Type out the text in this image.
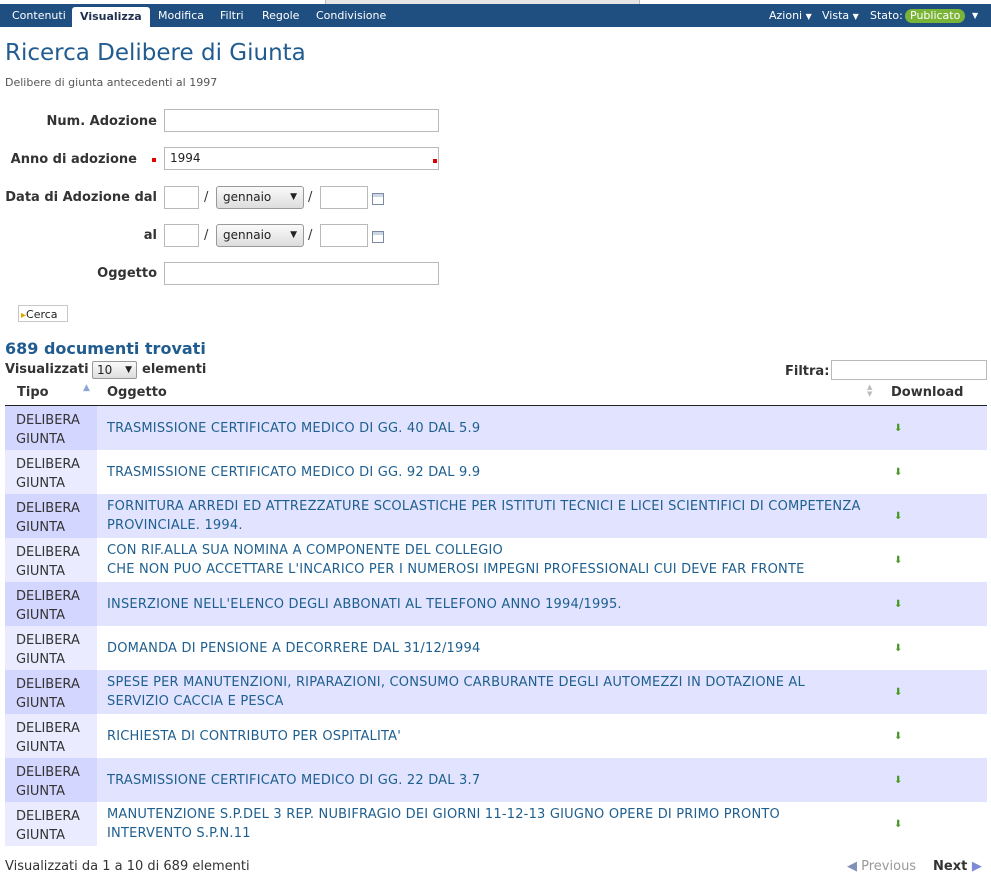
Contenuti	Visualizza	Modifica Filtri Regole Condivisione	Azioni ▼ Vista ▼ Stato: Publicato	▼
Ricerca Delibere di Giunta
Delibere di giunta antecedenti al 1997
Num. Adozione
Anno di adozione	1994
Data di Adozione dal	/	gennaio ▼ /
al	/	gennaio ▼ /
Oggetto
▸Cerca
689 documenti trovati
Visualizzati 10 ▼ elementi	Filtra:
Tipo	▲ Oggetto	▲
▼ Download
DELIBERA
GIUNTA
TRASMISSIONE CERTIFICATO MEDICO DI GG. 40 DAL 5.9	⬇
DELIBERA
GIUNTA
TRASMISSIONE CERTIFICATO MEDICO DI GG. 92 DAL 9.9	⬇
DELIBERA
GIUNTA
FORNITURA ARREDI ED ATTREZZATURE SCOLASTICHE PER ISTITUTI TECNICI E LICEI SCIENTIFICI DI COMPETENZA
PROVINCIALE. 1994.
⬇
DELIBERA
GIUNTA
CON RIF.ALLA SUA NOMINA A COMPONENTE DEL COLLEGIO
CHE NON PUO ACCETTARE L'INCARICO PER I NUMEROSI IMPEGNI PROFESSIONALI CUI DEVE FAR FRONTE
⬇
DELIBERA
GIUNTA
INSERZIONE NELL'ELENCO DEGLI ABBONATI AL TELEFONO ANNO 1994/1995.	⬇
DELIBERA
GIUNTA
DOMANDA DI PENSIONE A DECORRERE DAL 31/12/1994	⬇
DELIBERA
GIUNTA
SPESE PER MANUTENZIONI, RIPARAZIONI, CONSUMO CARBURANTE DEGLI AUTOMEZZI IN DOTAZIONE AL
SERVIZIO CACCIA E PESCA
⬇
DELIBERA
GIUNTA
RICHIESTA DI CONTRIBUTO PER OSPITALITA'	⬇
DELIBERA
GIUNTA
TRASMISSIONE CERTIFICATO MEDICO DI GG. 22 DAL 3.7	⬇
DELIBERA
GIUNTA
MANUTENZIONE S.P.DEL 3 REP. NUBIFRAGIO DEI GIORNI 11-12-13 GIUGNO OPERE DI PRIMO PRONTO
INTERVENTO S.P.N.11
⬇
Visualizzati da 1 a 10 di 689 elementi	◀ Previous Next ▶
